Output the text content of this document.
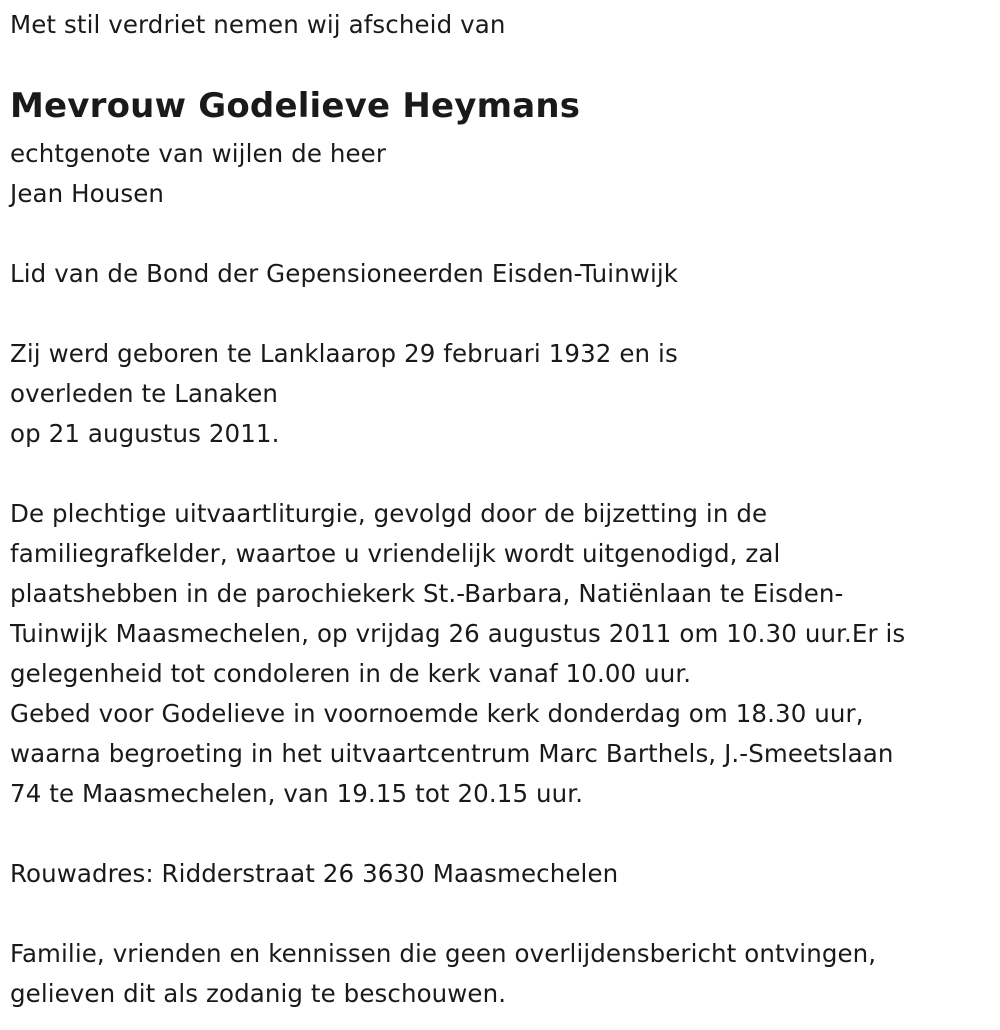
Met stil verdriet nemen wij afscheid van
Mevrouw Godelieve Heymans
echtgenote van wijlen de heer
Jean Housen
Lid van de Bond der Gepensioneerden Eisden-Tuinwijk
Zij werd geboren te Lanklaarop 29 februari 1932 en is
overleden te Lanaken
op 21 augustus 2011.
De plechtige uitvaartliturgie, gevolgd door de bijzetting in de
familiegrafkelder, waartoe u vriendelijk wordt uitgenodigd, zal
plaatshebben in de parochiekerk St.-Barbara, Natiënlaan te Eisden-
Tuinwijk Maasmechelen, op vrijdag 26 augustus 2011 om 10.30 uur.Er is
gelegenheid tot condoleren in de kerk vanaf 10.00 uur.
Gebed voor Godelieve in voornoemde kerk donderdag om 18.30 uur,
waarna begroeting in het uitvaartcentrum Marc Barthels, J.-Smeetslaan
74 te Maasmechelen, van 19.15 tot 20.15 uur.
Rouwadres: Ridderstraat 26 3630 Maasmechelen
Familie, vrienden en kennissen die geen overlijdensbericht ontvingen,
gelieven dit als zodanig te beschouwen.
